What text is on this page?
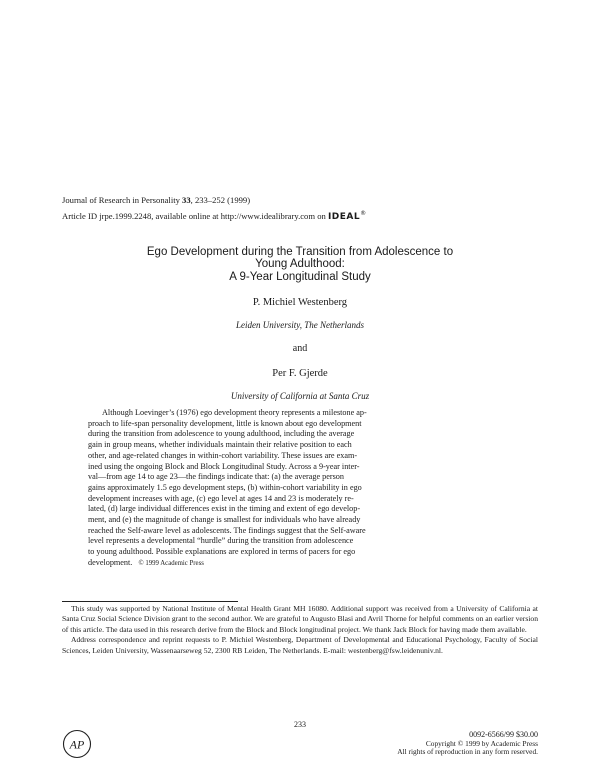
Journal of Research in Personality 33, 233–252 (1999)
Article ID jrpe.1999.2248, available online at http://www.idealibrary.com on IDEAL®
Ego Development during the Transition from Adolescence to
Young Adulthood:
A 9-Year Longitudinal Study
P. Michiel Westenberg
Leiden University, The Netherlands
and
Per F. Gjerde
University of California at Santa Cruz
Although Loevinger’s (1976) ego development theory represents a milestone ap-
proach to life-span personality development, little is known about ego development
during the transition from adolescence to young adulthood, including the average
gain in group means, whether individuals maintain their relative position to each
other, and age-related changes in within-cohort variability. These issues are exam-
ined using the ongoing Block and Block Longitudinal Study. Across a 9-year inter-
val—from age 14 to age 23—the findings indicate that: (a) the average person
gains approximately 1.5 ego development steps, (b) within-cohort variability in ego
development increases with age, (c) ego level at ages 14 and 23 is moderately re-
lated, (d) large individual differences exist in the timing and extent of ego develop-
ment, and (e) the magnitude of change is smallest for individuals who have already
reached the Self-aware level as adolescents. The findings suggest that the Self-aware
level represents a developmental “hurdle” during the transition from adolescence
to young adulthood. Possible explanations are explored in terms of pacers for ego
development. © 1999 Academic Press

This study was supported by National Institute of Mental Health Grant MH 16080. Additional support was received from a University of California at Santa Cruz Social Science Division grant to the second author. We are grateful to Augusto Blasi and Avril Thorne for helpful comments on an earlier version of this article. The data used in this research derive from the Block and Block longitudinal project. We thank Jack Block for having made them available.

Address correspondence and reprint requests to P. Michiel Westenberg, Department of Developmental and Educational Psychology, Faculty of Social Sciences, Leiden University, Wassenaarseweg 52, 2300 RB Leiden, The Netherlands. E-mail: westenberg@fsw.leidenuniv.nl.

233
AP
0092-6566/99 $30.00
Copyright © 1999 by Academic Press
All rights of reproduction in any form reserved.
